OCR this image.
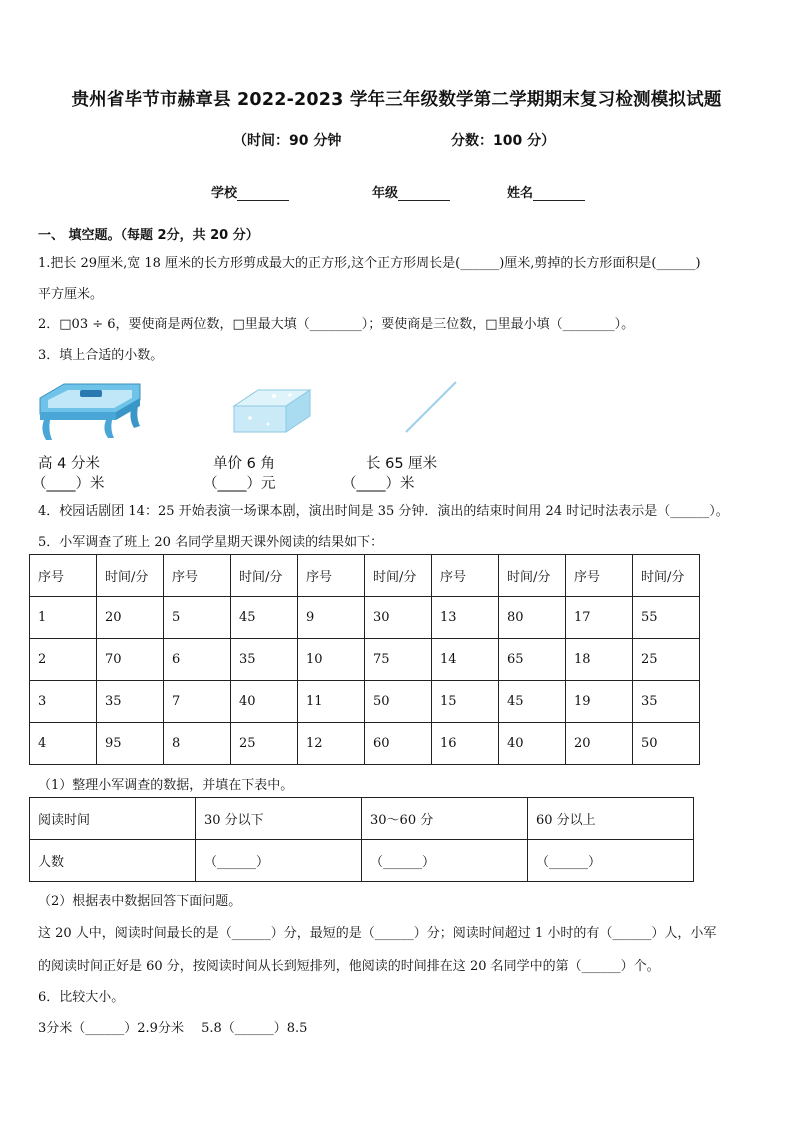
贵州省毕节市赫章县 2022-2023 学年三年级数学第二学期期末复习检测模拟试题
（时间：90 分钟	分数：100 分）
学校	年级	姓名
一、 填空题。（每题 2分，共 20 分）
1.把长 29厘米,宽 18 厘米的长方形剪成最大的正方形,这个正方形周长是(______)厘米,剪掉的长方形面积是(______)
平方厘米。
2．□03 ÷ 6，要使商是两位数，□里最大填（________）；要使商是三位数，□里最小填（________）。
3．填上合适的小数。
高 4 分米	单价 6 角	长 65 厘米
（____）米	（____）元	（____）米
4．校园话剧团 14：25 开始表演一场课本剧，演出时间是 35 分钟．演出的结束时间用 24 时记时法表示是（______）。
5．小军调查了班上 20 名同学星期天课外阅读的结果如下：
序号	时间/分	序号	时间/分	序号	时间/分	序号	时间/分	序号	时间/分
1	20	5	45	9	30	13	80	17	55
2	70	6	35	10	75	14	65	18	25
3	35	7	40	11	50	15	45	19	35
4	95	8	25	12	60	16	40	20	50
（1）整理小军调查的数据，并填在下表中。
阅读时间	30 分以下	30～60 分	60 分以上
人数	（______）	（______）	（______）
（2）根据表中数据回答下面问题。
这 20 人中，阅读时间最长的是（______）分，最短的是（______）分；阅读时间超过 1 小时的有（______）人，小军
的阅读时间正好是 60 分，按阅读时间从长到短排列，他阅读的时间排在这 20 名同学中的第（______）个。
6．比较大小。
3分米（______）2.9分米　 5.8（______）8.5
